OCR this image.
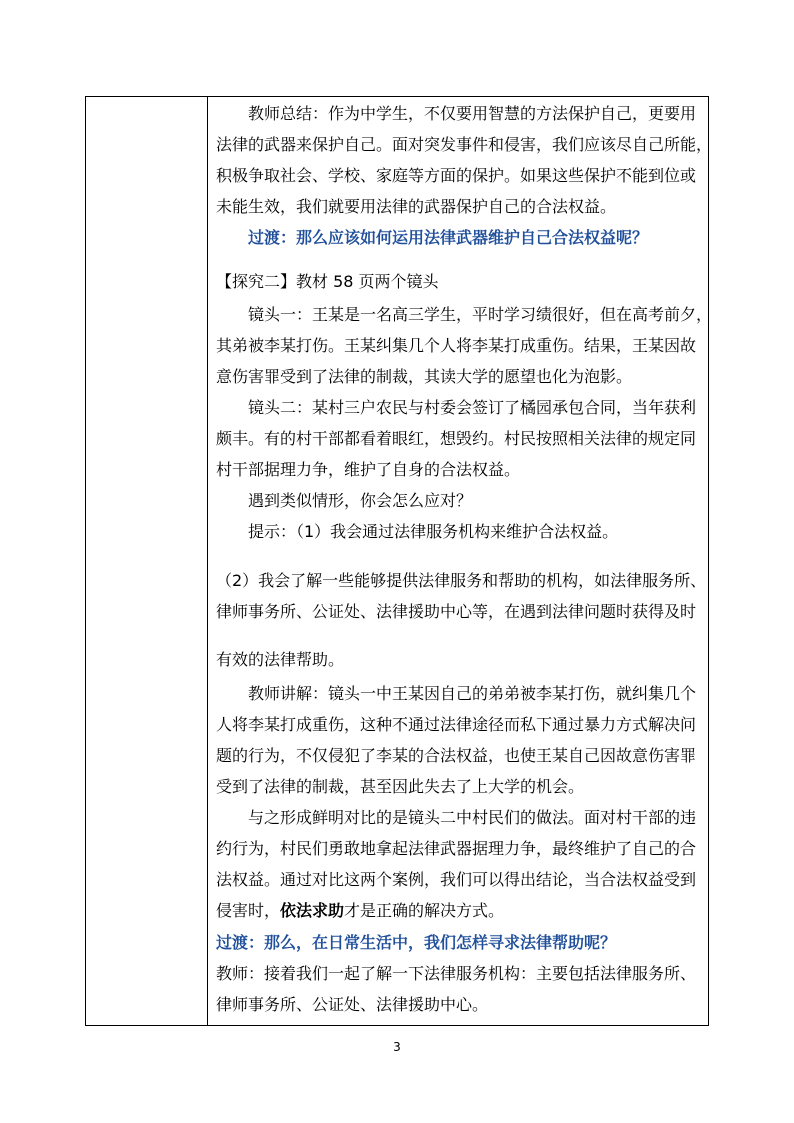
教师总结：作为中学生，不仅要用智慧的方法保护自己，更要用
法律的武器来保护自己。面对突发事件和侵害，我们应该尽自己所能，
积极争取社会、学校、家庭等方面的保护。如果这些保护不能到位或
未能生效，我们就要用法律的武器保护自己的合法权益。
过渡：那么应该如何运用法律武器维护自己合法权益呢？
【探究二】教材 58 页两个镜头
镜头一：王某是一名高三学生，平时学习绩很好，但在高考前夕，
其弟被李某打伤。王某纠集几个人将李某打成重伤。结果，王某因故
意伤害罪受到了法律的制裁，其读大学的愿望也化为泡影。
镜头二：某村三户农民与村委会签订了橘园承包合同，当年获利
颇丰。有的村干部都看着眼红，想毁约。村民按照相关法律的规定同
村干部据理力争，维护了自身的合法权益。
遇到类似情形，你会怎么应对？
提示：（1）我会通过法律服务机构来维护合法权益。
（2）我会了解一些能够提供法律服务和帮助的机构，如法律服务所、
律师事务所、公证处、法律援助中心等，在遇到法律问题时获得及时
有效的法律帮助。
教师讲解：镜头一中王某因自己的弟弟被李某打伤，就纠集几个
人将李某打成重伤，这种不通过法律途径而私下通过暴力方式解决问
题的行为，不仅侵犯了李某的合法权益，也使王某自己因故意伤害罪
受到了法律的制裁，甚至因此失去了上大学的机会。
与之形成鲜明对比的是镜头二中村民们的做法。面对村干部的违
约行为，村民们勇敢地拿起法律武器据理力争，最终维护了自己的合
法权益。通过对比这两个案例，我们可以得出结论，当合法权益受到
侵害时，依法求助才是正确的解决方式。
过渡：那么，在日常生活中，我们怎样寻求法律帮助呢？
教师：接着我们一起了解一下法律服务机构：主要包括法律服务所、
律师事务所、公证处、法律援助中心。
3
